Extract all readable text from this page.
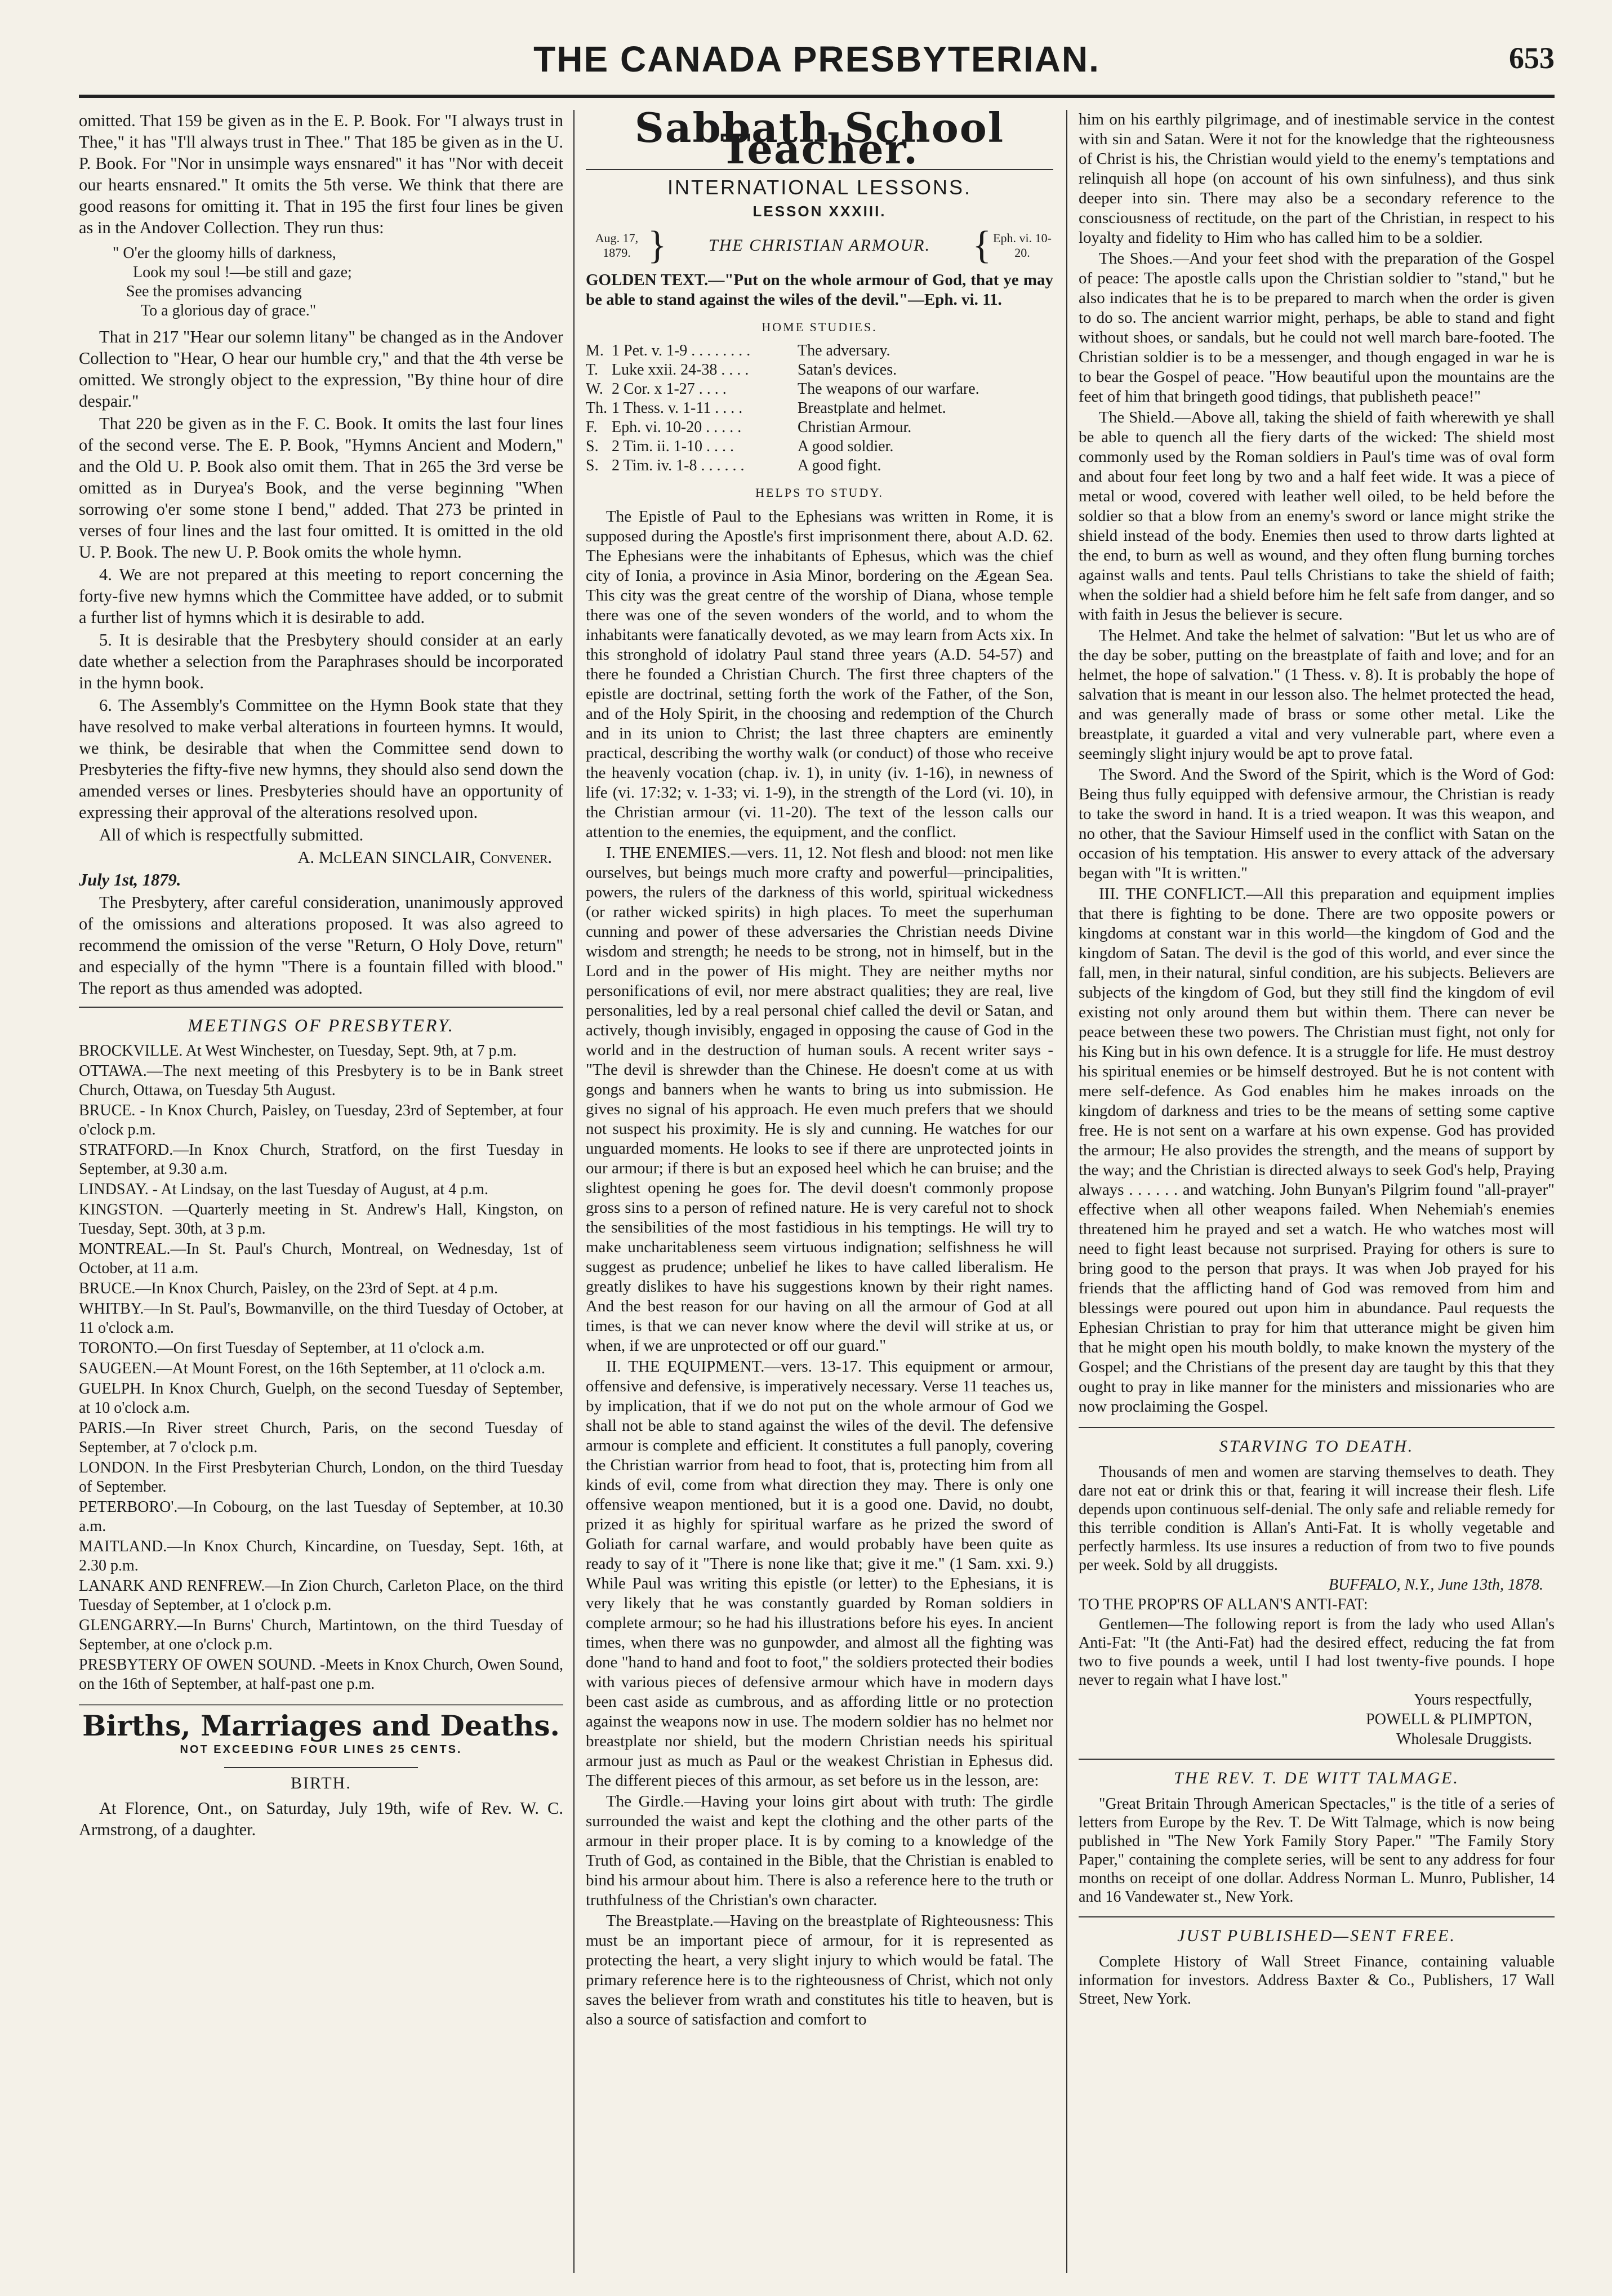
THE CANADA PRESBYTERIAN.	653

omitted. That 159 be given as in the E. P. Book. For "I always trust in Thee," it has "I'll always trust in Thee." That 185 be given as in the U. P. Book. For "Nor in unsimple ways ensnared" it has "Nor with deceit our hearts ensnared." It omits the 5th verse. We think that there are good reasons for omitting it. That in 195 the first four lines be given as in the Andover Collection. They run thus:

" O'er the gloomy hills of darkness,
Look my soul !—be still and gaze;
See the promises advancing
To a glorious day of grace."

That in 217 "Hear our solemn litany" be changed as in the Andover Collection to "Hear, O hear our humble cry," and that the 4th verse be omitted. We strongly object to the expression, "By thine hour of dire despair."

That 220 be given as in the F. C. Book. It omits the last four lines of the second verse. The E. P. Book, "Hymns Ancient and Modern," and the Old U. P. Book also omit them. That in 265 the 3rd verse be omitted as in Duryea's Book, and the verse beginning "When sorrowing o'er some stone I bend," added. That 273 be printed in verses of four lines and the last four omitted. It is omitted in the old U. P. Book. The new U. P. Book omits the whole hymn.

4. We are not prepared at this meeting to report concerning the forty-five new hymns which the Committee have added, or to submit a further list of hymns which it is desirable to add.

5. It is desirable that the Presbytery should consider at an early date whether a selection from the Paraphrases should be incorporated in the hymn book.

6. The Assembly's Committee on the Hymn Book state that they have resolved to make verbal alterations in fourteen hymns. It would, we think, be desirable that when the Committee send down to Presbyteries the fifty-five new hymns, they should also send down the amended verses or lines. Presbyteries should have an opportunity of expressing their approval of the alterations resolved upon.

All of which is respectfully submitted.

A. McLEAN SINCLAIR, Convener.

July 1st, 1879.

The Presbytery, after careful consideration, unanimously approved of the omissions and alterations proposed. It was also agreed to recommend the omission of the verse "Return, O Holy Dove, return" and especially of the hymn "There is a fountain filled with blood." The report as thus amended was adopted.

MEETINGS OF PRESBYTERY.

BROCKVILLE. At West Winchester, on Tuesday, Sept. 9th, at 7 p.m.

OTTAWA.—The next meeting of this Presbytery is to be in Bank street Church, Ottawa, on Tuesday 5th August.

BRUCE. - In Knox Church, Paisley, on Tuesday, 23rd of September, at four o'clock p.m.

STRATFORD.—In Knox Church, Stratford, on the first Tuesday in September, at 9.30 a.m.

LINDSAY. - At Lindsay, on the last Tuesday of August, at 4 p.m.

KINGSTON. —Quarterly meeting in St. Andrew's Hall, Kingston, on Tuesday, Sept. 30th, at 3 p.m.

MONTREAL.—In St. Paul's Church, Montreal, on Wednesday, 1st of October, at 11 a.m.

BRUCE.—In Knox Church, Paisley, on the 23rd of Sept. at 4 p.m.

WHITBY.—In St. Paul's, Bowmanville, on the third Tuesday of October, at 11 o'clock a.m.

TORONTO.—On first Tuesday of September, at 11 o'clock a.m.

SAUGEEN.—At Mount Forest, on the 16th September, at 11 o'clock a.m.

GUELPH. In Knox Church, Guelph, on the second Tuesday of September, at 10 o'clock a.m.

PARIS.—In River street Church, Paris, on the second Tuesday of September, at 7 o'clock p.m.

LONDON. In the First Presbyterian Church, London, on the third Tuesday of September.

PETERBORO'.—In Cobourg, on the last Tuesday of September, at 10.30 a.m.

MAITLAND.—In Knox Church, Kincardine, on Tuesday, Sept. 16th, at 2.30 p.m.

LANARK AND RENFREW.—In Zion Church, Carleton Place, on the third Tuesday of September, at 1 o'clock p.m.

GLENGARRY.—In Burns' Church, Martintown, on the third Tuesday of September, at one o'clock p.m.

PRESBYTERY OF OWEN SOUND. -Meets in Knox Church, Owen Sound, on the 16th of September, at half-past one p.m.

Births, Marriages and Deaths.
NOT EXCEEDING FOUR LINES 25 CENTS.
BIRTH.

At Florence, Ont., on Saturday, July 19th, wife of Rev. W. C. Armstrong, of a daughter.

Sabbath School Teacher.
INTERNATIONAL LESSONS.
LESSON XXXIII.
Aug. 17, 1879. }	THE CHRISTIAN ARMOUR.	{ Eph. vi. 10-20.

GOLDEN TEXT.—"Put on the whole armour of God, that ye may be able to stand against the wiles of the devil."—Eph. vi. 11.

HOME STUDIES.
M. 1 Pet. v. 1-9 . . . . . . . .	The adversary.
T. Luke xxii. 24-38 . . . .	Satan's devices.
W. 2 Cor. x 1-27 . . . .	The weapons of our warfare.
Th. 1 Thess. v. 1-11 . . . .	Breastplate and helmet.
F. Eph. vi. 10-20 . . . . .	Christian Armour.
S. 2 Tim. ii. 1-10 . . . .	A good soldier.
S. 2 Tim. iv. 1-8 . . . . . .	A good fight.
HELPS TO STUDY.

The Epistle of Paul to the Ephesians was written in Rome, it is supposed during the Apostle's first imprisonment there, about A.D. 62. The Ephesians were the inhabitants of Ephesus, which was the chief city of Ionia, a province in Asia Minor, bordering on the Ægean Sea. This city was the great centre of the worship of Diana, whose temple there was one of the seven wonders of the world, and to whom the inhabitants were fanatically devoted, as we may learn from Acts xix. In this stronghold of idolatry Paul stand three years (A.D. 54-57) and there he founded a Christian Church. The first three chapters of the epistle are doctrinal, setting forth the work of the Father, of the Son, and of the Holy Spirit, in the choosing and redemption of the Church and in its union to Christ; the last three chapters are eminently practical, describing the worthy walk (or conduct) of those who receive the heavenly vocation (chap. iv. 1), in unity (iv. 1-16), in newness of life (vi. 17:32; v. 1-33; vi. 1-9), in the strength of the Lord (vi. 10), in the Christian armour (vi. 11-20). The text of the lesson calls our attention to the enemies, the equipment, and the conflict.

I. THE ENEMIES.—vers. 11, 12. Not flesh and blood: not men like ourselves, but beings much more crafty and powerful—principalities, powers, the rulers of the darkness of this world, spiritual wickedness (or rather wicked spirits) in high places. To meet the superhuman cunning and power of these adversaries the Christian needs Divine wisdom and strength; he needs to be strong, not in himself, but in the Lord and in the power of His might. They are neither myths nor personifications of evil, nor mere abstract qualities; they are real, live personalities, led by a real personal chief called the devil or Satan, and actively, though invisibly, engaged in opposing the cause of God in the world and in the destruction of human souls. A recent writer says - "The devil is shrewder than the Chinese. He doesn't come at us with gongs and banners when he wants to bring us into submission. He gives no signal of his approach. He even much prefers that we should not suspect his proximity. He is sly and cunning. He watches for our unguarded moments. He looks to see if there are unprotected joints in our armour; if there is but an exposed heel which he can bruise; and the slightest opening he goes for. The devil doesn't commonly propose gross sins to a person of refined nature. He is very careful not to shock the sensibilities of the most fastidious in his temptings. He will try to make uncharitableness seem virtuous indignation; selfishness he will suggest as prudence; unbelief he likes to have called liberalism. He greatly dislikes to have his suggestions known by their right names. And the best reason for our having on all the armour of God at all times, is that we can never know where the devil will strike at us, or when, if we are unprotected or off our guard."

II. THE EQUIPMENT.—vers. 13-17. This equipment or armour, offensive and defensive, is imperatively necessary. Verse 11 teaches us, by implication, that if we do not put on the whole armour of God we shall not be able to stand against the wiles of the devil. The defensive armour is complete and efficient. It constitutes a full panoply, covering the Christian warrior from head to foot, that is, protecting him from all kinds of evil, come from what direction they may. There is only one offensive weapon mentioned, but it is a good one. David, no doubt, prized it as highly for spiritual warfare as he prized the sword of Goliath for carnal warfare, and would probably have been quite as ready to say of it "There is none like that; give it me." (1 Sam. xxi. 9.) While Paul was writing this epistle (or letter) to the Ephesians, it is very likely that he was constantly guarded by Roman soldiers in complete armour; so he had his illustrations before his eyes. In ancient times, when there was no gunpowder, and almost all the fighting was done "hand to hand and foot to foot," the soldiers protected their bodies with various pieces of defensive armour which have in modern days been cast aside as cumbrous, and as affording little or no protection against the weapons now in use. The modern soldier has no helmet nor breastplate nor shield, but the modern Christian needs his spiritual armour just as much as Paul or the weakest Christian in Ephesus did. The different pieces of this armour, as set before us in the lesson, are:

The Girdle.—Having your loins girt about with truth: The girdle surrounded the waist and kept the clothing and the other parts of the armour in their proper place. It is by coming to a knowledge of the Truth of God, as contained in the Bible, that the Christian is enabled to bind his armour about him. There is also a reference here to the truth or truthfulness of the Christian's own character.

The Breastplate.—Having on the breastplate of Righteousness: This must be an important piece of armour, for it is represented as protecting the heart, a very slight injury to which would be fatal. The primary reference here is to the righteousness of Christ, which not only saves the believer from wrath and constitutes his title to heaven, but is also a source of satisfaction and comfort to

him on his earthly pilgrimage, and of inestimable service in the contest with sin and Satan. Were it not for the knowledge that the righteousness of Christ is his, the Christian would yield to the enemy's temptations and relinquish all hope (on account of his own sinfulness), and thus sink deeper into sin. There may also be a secondary reference to the consciousness of rectitude, on the part of the Christian, in respect to his loyalty and fidelity to Him who has called him to be a soldier.

The Shoes.—And your feet shod with the preparation of the Gospel of peace: The apostle calls upon the Christian soldier to "stand," but he also indicates that he is to be prepared to march when the order is given to do so. The ancient warrior might, perhaps, be able to stand and fight without shoes, or sandals, but he could not well march bare-footed. The Christian soldier is to be a messenger, and though engaged in war he is to bear the Gospel of peace. "How beautiful upon the mountains are the feet of him that bringeth good tidings, that publisheth peace!"

The Shield.—Above all, taking the shield of faith wherewith ye shall be able to quench all the fiery darts of the wicked: The shield most commonly used by the Roman soldiers in Paul's time was of oval form and about four feet long by two and a half feet wide. It was a piece of metal or wood, covered with leather well oiled, to be held before the soldier so that a blow from an enemy's sword or lance might strike the shield instead of the body. Enemies then used to throw darts lighted at the end, to burn as well as wound, and they often flung burning torches against walls and tents. Paul tells Christians to take the shield of faith; when the soldier had a shield before him he felt safe from danger, and so with faith in Jesus the believer is secure.

The Helmet. And take the helmet of salvation: "But let us who are of the day be sober, putting on the breastplate of faith and love; and for an helmet, the hope of salvation." (1 Thess. v. 8). It is probably the hope of salvation that is meant in our lesson also. The helmet protected the head, and was generally made of brass or some other metal. Like the breastplate, it guarded a vital and very vulnerable part, where even a seemingly slight injury would be apt to prove fatal.

The Sword. And the Sword of the Spirit, which is the Word of God: Being thus fully equipped with defensive armour, the Christian is ready to take the sword in hand. It is a tried weapon. It was this weapon, and no other, that the Saviour Himself used in the conflict with Satan on the occasion of his temptation. His answer to every attack of the adversary began with "It is written."

III. THE CONFLICT.—All this preparation and equipment implies that there is fighting to be done. There are two opposite powers or kingdoms at constant war in this world—the kingdom of God and the kingdom of Satan. The devil is the god of this world, and ever since the fall, men, in their natural, sinful condition, are his subjects. Believers are subjects of the kingdom of God, but they still find the kingdom of evil existing not only around them but within them. There can never be peace between these two powers. The Christian must fight, not only for his King but in his own defence. It is a struggle for life. He must destroy his spiritual enemies or be himself destroyed. But he is not content with mere self-defence. As God enables him he makes inroads on the kingdom of darkness and tries to be the means of setting some captive free. He is not sent on a warfare at his own expense. God has provided the armour; He also provides the strength, and the means of support by the way; and the Christian is directed always to seek God's help, Praying always . . . . . . and watching. John Bunyan's Pilgrim found "all-prayer" effective when all other weapons failed. When Nehemiah's enemies threatened him he prayed and set a watch. He who watches most will need to fight least because not surprised. Praying for others is sure to bring good to the person that prays. It was when Job prayed for his friends that the afflicting hand of God was removed from him and blessings were poured out upon him in abundance. Paul requests the Ephesian Christian to pray for him that utterance might be given him that he might open his mouth boldly, to make known the mystery of the Gospel; and the Christians of the present day are taught by this that they ought to pray in like manner for the ministers and missionaries who are now proclaiming the Gospel.

STARVING TO DEATH.

Thousands of men and women are starving themselves to death. They dare not eat or drink this or that, fearing it will increase their flesh. Life depends upon continuous self-denial. The only safe and reliable remedy for this terrible condition is Allan's Anti-Fat. It is wholly vegetable and perfectly harmless. Its use insures a reduction of from two to five pounds per week. Sold by all druggists.

BUFFALO, N.Y., June 13th, 1878.

TO THE PROP'RS OF ALLAN'S ANTI-FAT:

Gentlemen—The following report is from the lady who used Allan's Anti-Fat: "It (the Anti-Fat) had the desired effect, reducing the fat from two to five pounds a week, until I had lost twenty-five pounds. I hope never to regain what I have lost."

Yours respectfully,

POWELL & PLIMPTON,

Wholesale Druggists.

THE REV. T. DE WITT TALMAGE.

"Great Britain Through American Spectacles," is the title of a series of letters from Europe by the Rev. T. De Witt Talmage, which is now being published in "The New York Family Story Paper." "The Family Story Paper," containing the complete series, will be sent to any address for four months on receipt of one dollar. Address Norman L. Munro, Publisher, 14 and 16 Vandewater st., New York.

JUST PUBLISHED—SENT FREE.

Complete History of Wall Street Finance, containing valuable information for investors. Address Baxter & Co., Publishers, 17 Wall Street, New York.
